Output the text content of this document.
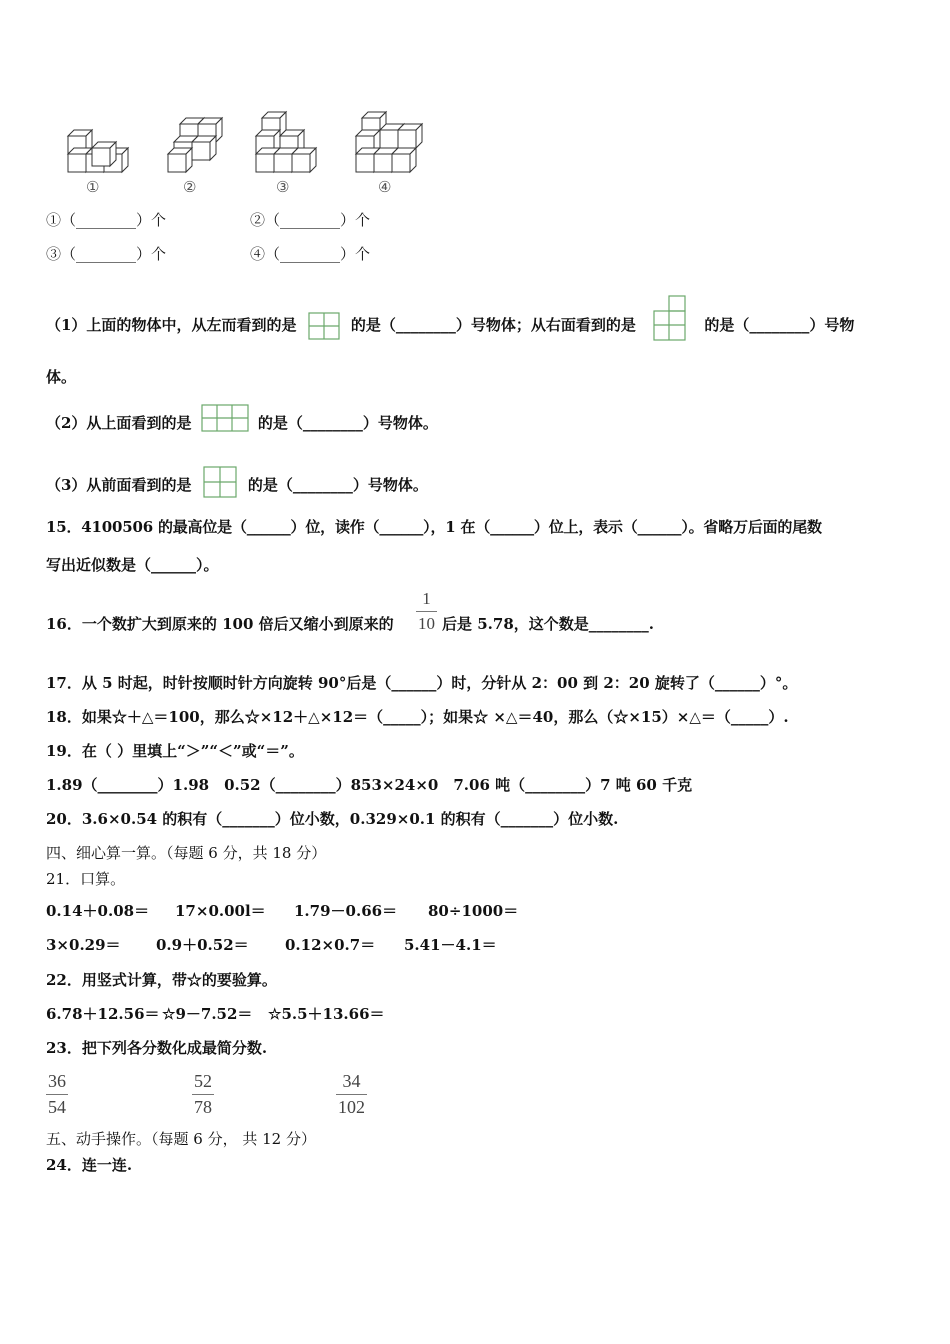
①	②	③	④
①（________）个	②（________）个
③（________）个	④（________）个
（1）上面的物体中，从左而看到的是	的是（________）号物体；从右面看到的是	的是（________）号物
体。
（2）从上面看到的是	的是（________）号物体。
（3）从前面看到的是	的是（________）号物体。
15．4100506 的最高位是（______）位，读作（______），1 在（______）位上，表示（______）。省略万后面的尾数
写出近似数是（______）。
16．一个数扩大到原来的 100 倍后又缩小到原来的
1
10 后是 5.78，这个数是________.
17．从 5 时起，时针按顺时针方向旋转 90°后是（______）时，分针从 2：00 到 2：20 旋转了（______）°。
18．如果☆＋△＝100，那么☆×12＋△×12＝（_____）；如果☆ ×△＝40，那么（☆×15）×△＝（_____）.
19．在（ ）里填上“＞”“＜”或“＝”。
1.89（________）1.98　0.52（________）853×24×0　7.06 吨（________）7 吨 60 千克
20．3.6×0.54 的积有（_______）位小数，0.329×0.1 的积有（_______）位小数.
四、细心算一算。（每题 6 分，共 18 分）
21．口算。
0.14＋0.08＝ 17×0.00l＝ 1.79－0.66＝ 80÷1000＝
3×0.29＝ 0.9＋0.52＝ 0.12×0.7＝ 5.41－4.1＝
22．用竖式计算，带☆的要验算。
6.78＋12.56＝ ☆9－7.52＝ ☆5.5＋13.66＝
23．把下列各分数化成最简分数.
36
54
52
78
34
102
五、动手操作。（每题 6 分， 共 12 分）
24．连一连.
